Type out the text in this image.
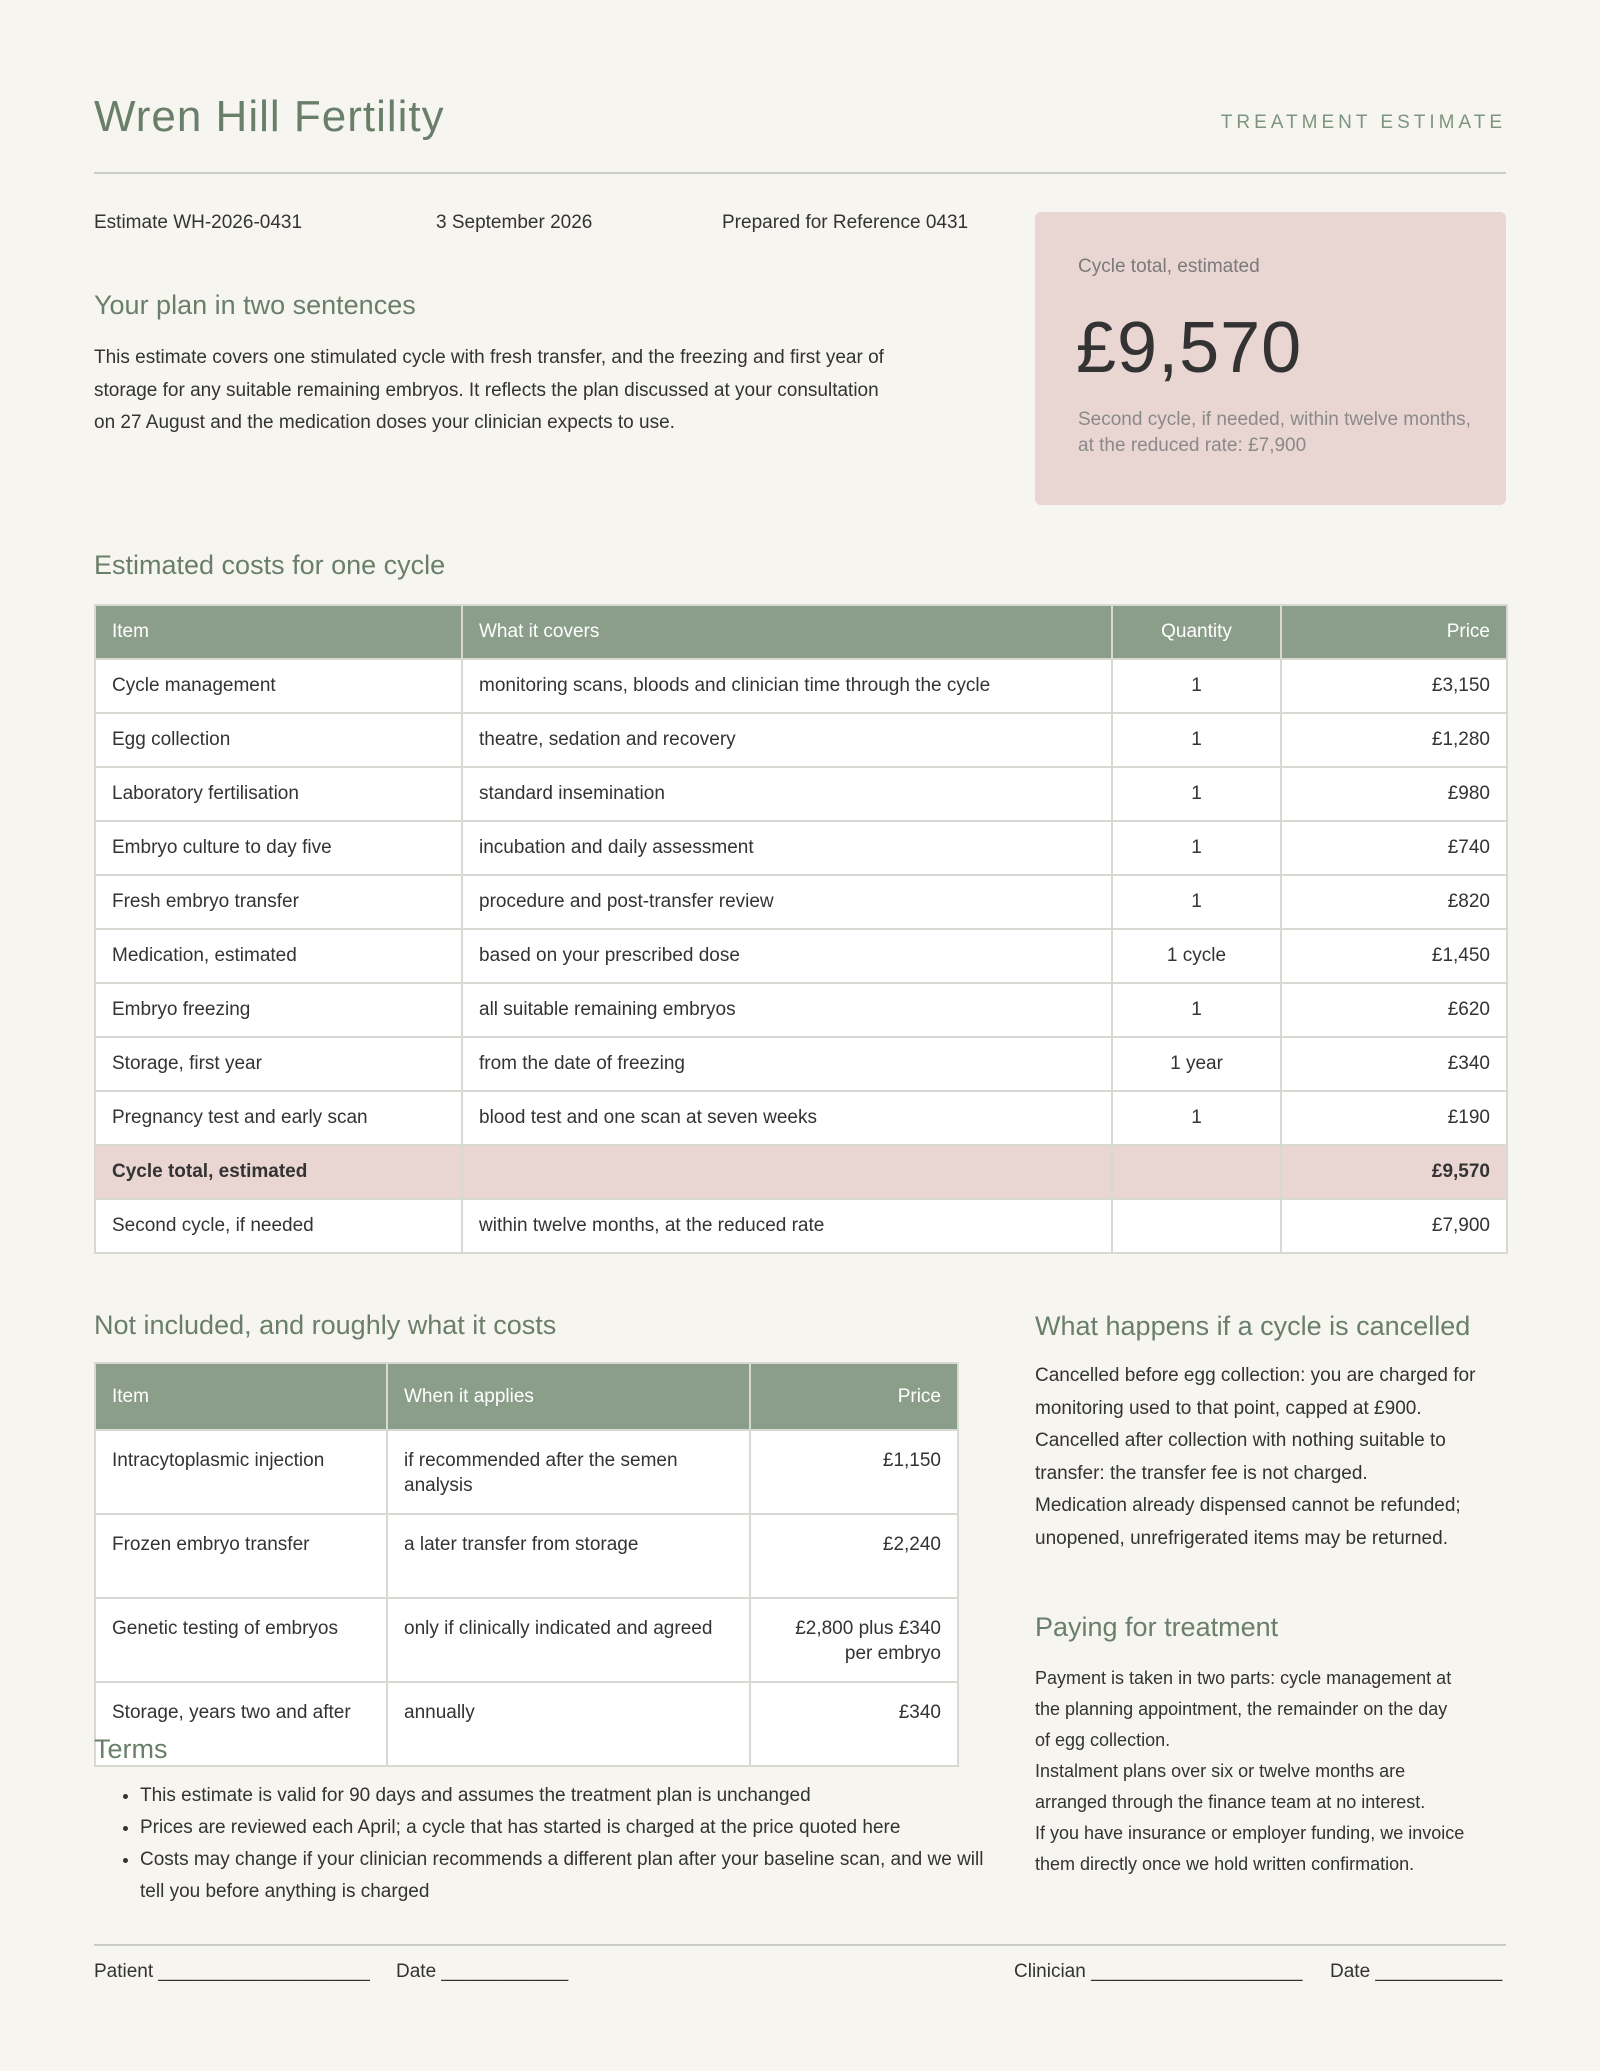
Wren Hill Fertility	TREATMENT ESTIMATE
Estimate WH-2026-0431	3 September 2026	Prepared for Reference 0431
Your plan in two sentences
This estimate covers one stimulated cycle with fresh transfer, and the freezing and first year of
storage for any suitable remaining embryos. It reflects the plan discussed at your consultation
on 27 August and the medication doses your clinician expects to use.
Cycle total, estimated
£9,570
Second cycle, if needed, within twelve months, at the reduced rate: £7,900
Estimated costs for one cycle
Item	What it covers	Quantity	Price
Cycle management	monitoring scans, bloods and clinician time through the cycle	1	£3,150
Egg collection	theatre, sedation and recovery	1	£1,280
Laboratory fertilisation	standard insemination	1	£980
Embryo culture to day five	incubation and daily assessment	1	£740
Fresh embryo transfer	procedure and post-transfer review	1	£820
Medication, estimated	based on your prescribed dose	1 cycle	£1,450
Embryo freezing	all suitable remaining embryos	1	£620
Storage, first year	from the date of freezing	1 year	£340
Pregnancy test and early scan	blood test and one scan at seven weeks	1	£190
Cycle total, estimated			£9,570
Second cycle, if needed	within twelve months, at the reduced rate		£7,900
Not included, and roughly what it costs
Item	When it applies	Price
Intracytoplasmic injection	if recommended after the semen analysis	£1,150
Frozen embryo transfer	a later transfer from storage	£2,240
Genetic testing of embryos	only if clinically indicated and agreed	£2,800 plus £340 per embryo
Storage, years two and after	annually	£340
Terms
• This estimate is valid for 90 days and assumes the treatment plan is unchanged
• Prices are reviewed each April; a cycle that has started is charged at the price quoted here
• Costs may change if your clinician recommends a different plan after your baseline scan, and we will tell you before anything is charged
What happens if a cycle is cancelled
Cancelled before egg collection: you are charged for
monitoring used to that point, capped at £900.
Cancelled after collection with nothing suitable to
transfer: the transfer fee is not charged.
Medication already dispensed cannot be refunded;
unopened, unrefrigerated items may be returned.
Paying for treatment
Payment is taken in two parts: cycle management at
the planning appointment, the remainder on the day
of egg collection.
Instalment plans over six or twelve months are
arranged through the finance team at no interest.
If you have insurance or employer funding, we invoice
them directly once we hold written confirmation.
Patient ____________________ Date ____________	Clinician ____________________ Date ____________
